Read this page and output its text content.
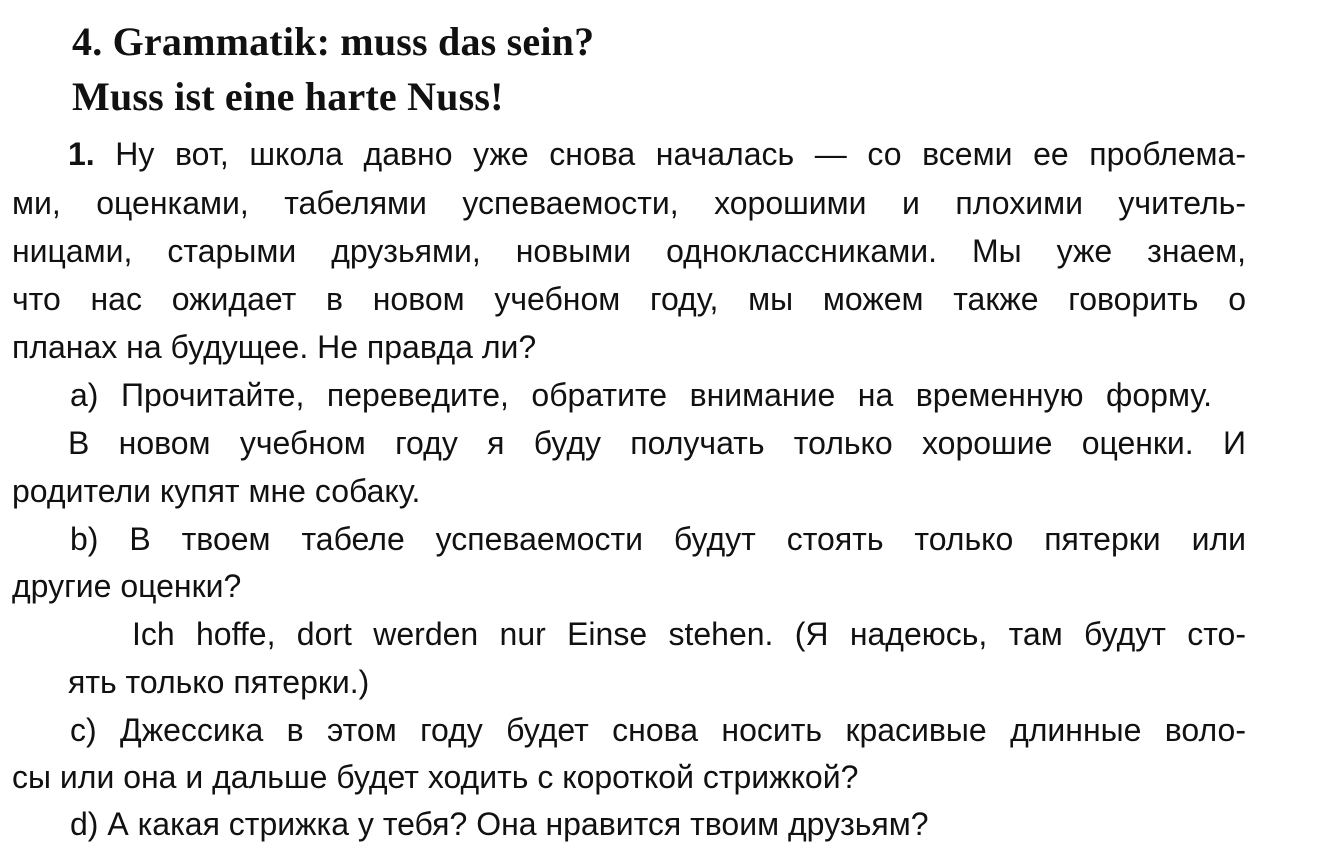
4. Grammatik: muss das sein?
Muss ist eine harte Nuss!

1. Ну вот, школа давно уже снова началась — со всеми ее проблема-

ми, оценками, табелями успеваемости, хорошими и плохими учитель-

ницами, старыми друзьями, новыми одноклассниками. Мы уже знаем,

что нас ожидает в новом учебном году, мы можем также говорить о

планах на будущее. Не правда ли?

a) Прочитайте, переведите, обратите внимание на временную форму.

В новом учебном году я буду получать только хорошие оценки. И

родители купят мне собаку.

b) В твоем табеле успеваемости будут стоять только пятерки или

другие оценки?

Ich hoffe, dort werden nur Einse stehen. (Я надеюсь, там будут сто-

ять только пятерки.)

c) Джессика в этом году будет снова носить красивые длинные воло-

сы или она и дальше будет ходить с короткой стрижкой?

d) А какая стрижка у тебя? Она нравится твоим друзьям?
